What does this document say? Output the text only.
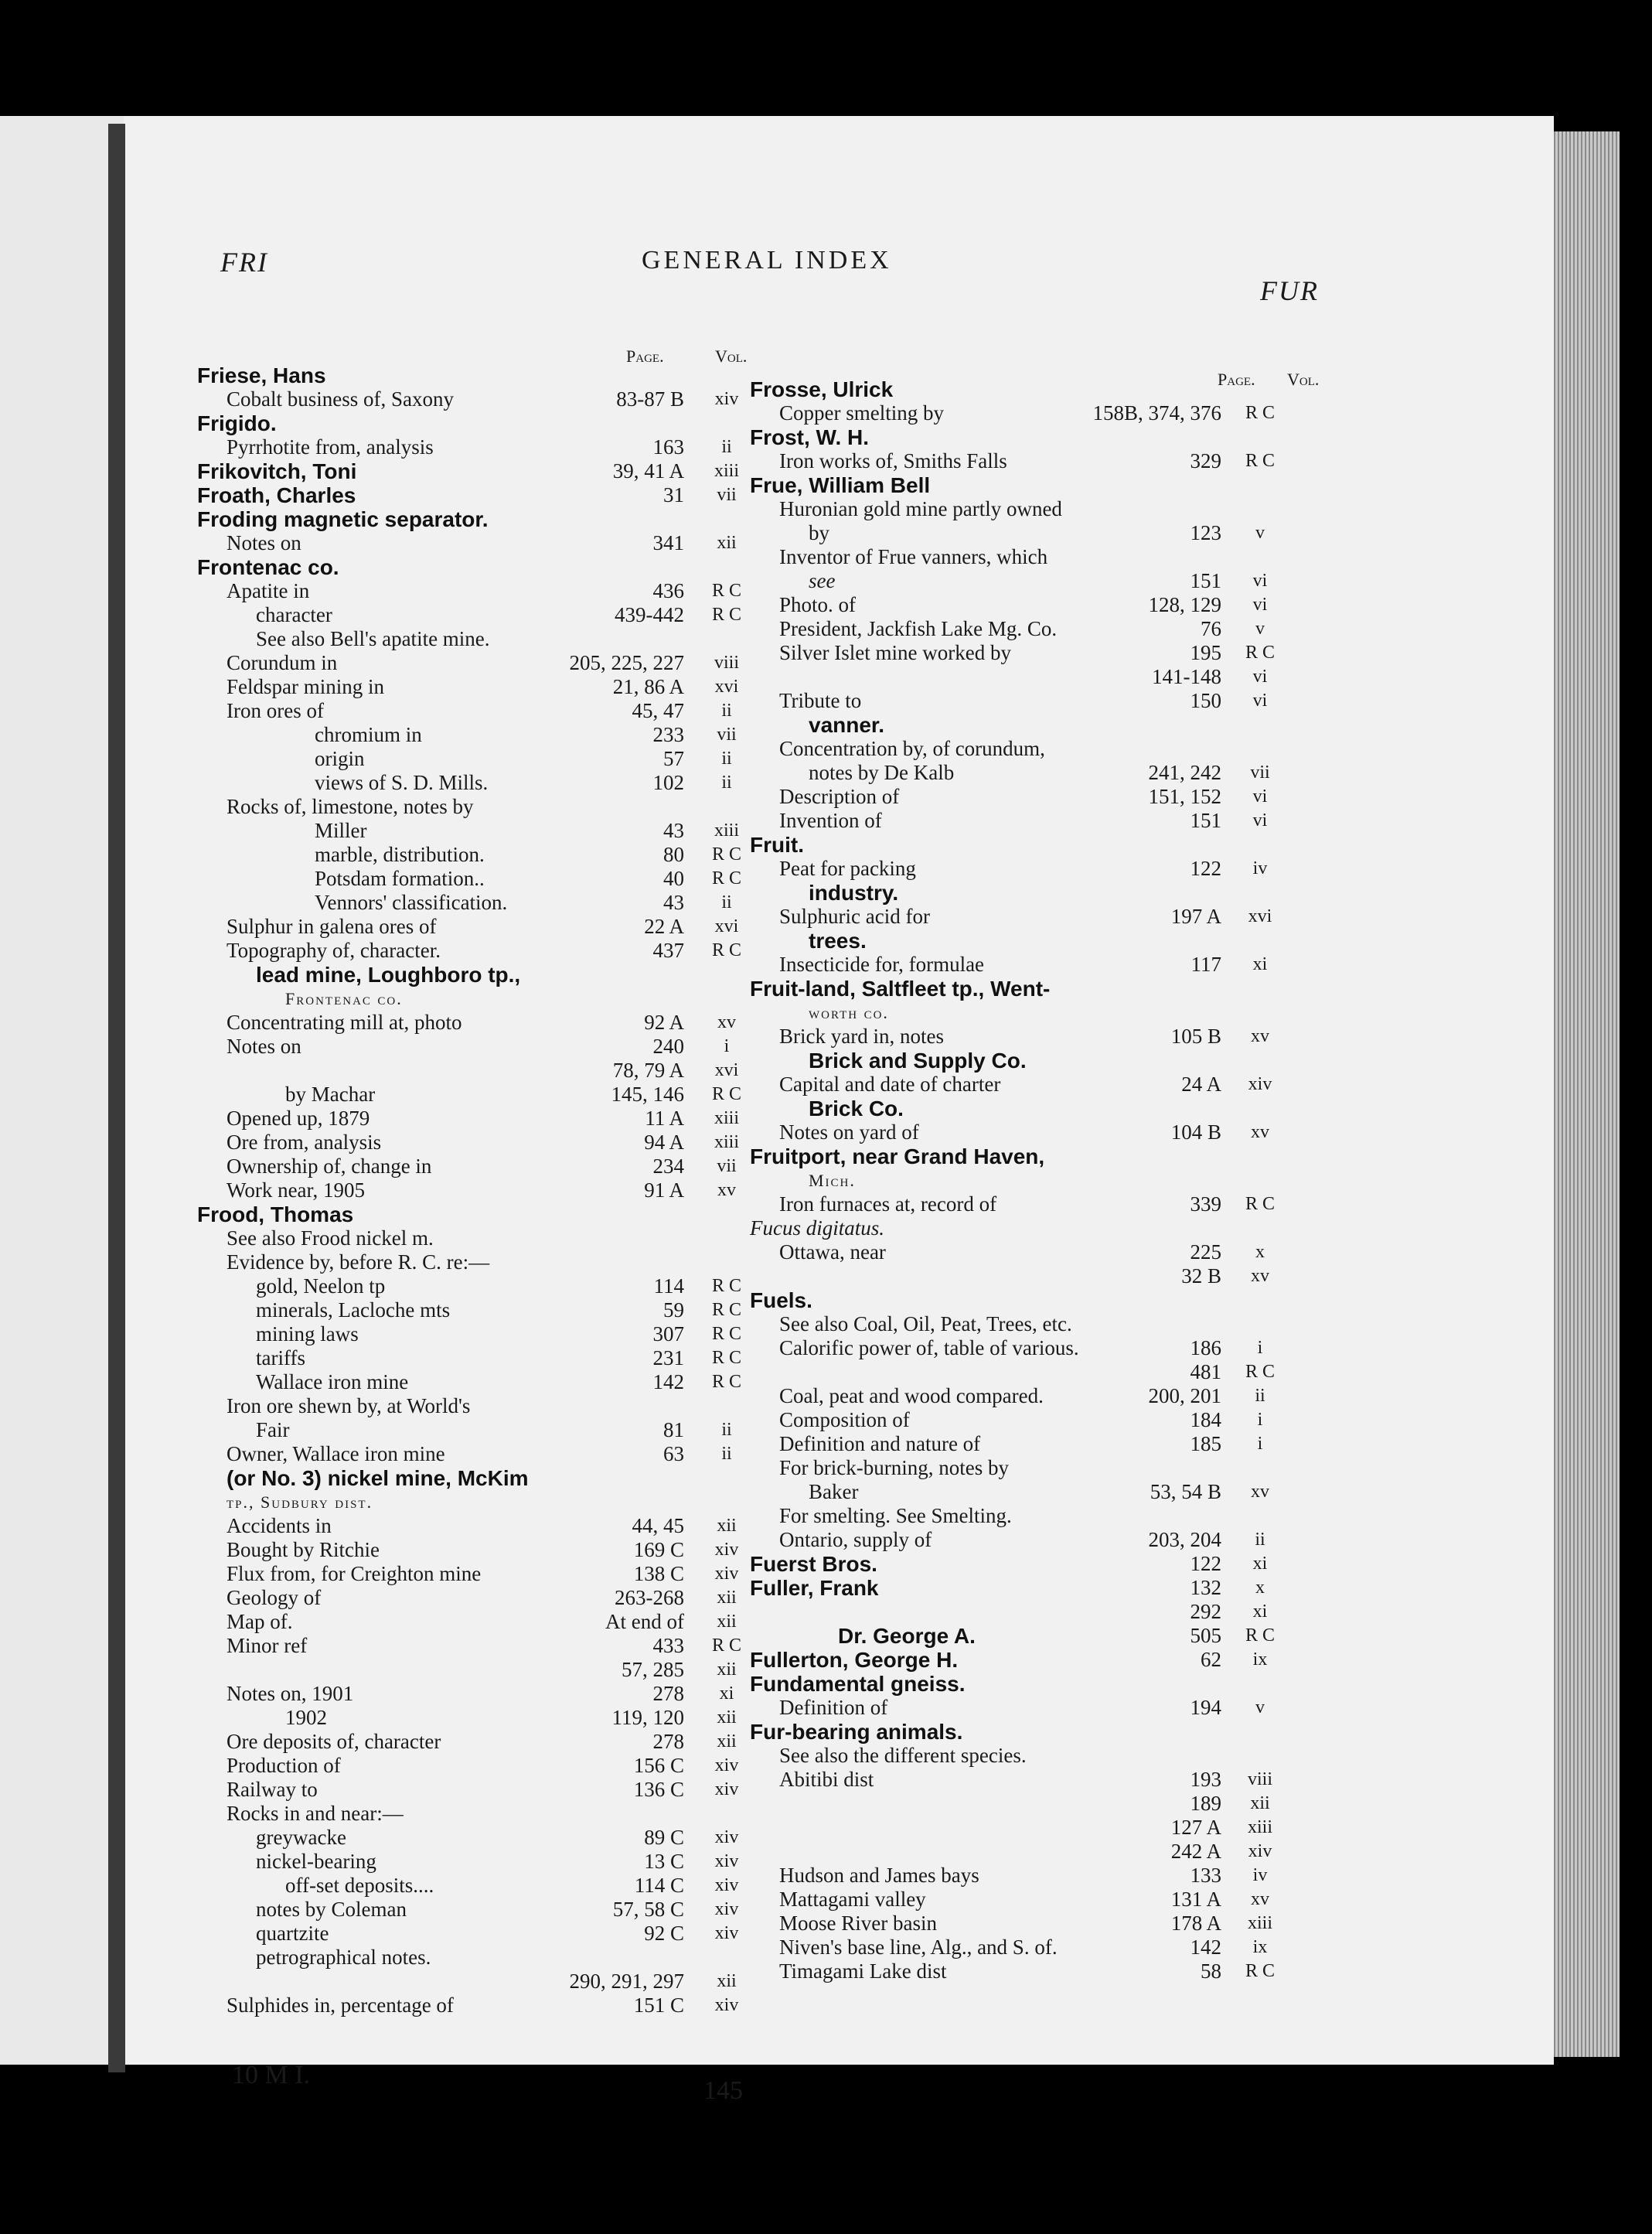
FRI	GENERAL INDEX
FUR
Page.	Vol.
Page. Vol.
Friese, Hans
Cobalt business of, Saxony	83-87 B	xiv
Frigido.
Pyrrhotite from, analysis	163	ii
Frikovitch, Toni	39, 41 A	xiii
Froath, Charles	31	vii
Froding magnetic separator.
Notes on	341	xii
Frontenac co.
Apatite in	436	R C
character	439-442	R C
See also Bell's apatite mine.
Corundum in	205, 225, 227	viii
Feldspar mining in	21, 86 A	xvi
Iron ores of	45, 47	ii
chromium in	233	vii
origin	57	ii
views of S. D. Mills.	102	ii
Rocks of, limestone, notes by
Miller	43	xiii
marble, distribution.	80	R C
Potsdam formation..	40	R C
Vennors' classification.	43	ii
Sulphur in galena ores of	22 A	xvi
Topography of, character.	437	R C
lead mine, Loughboro tp.,
Frontenac co.
Concentrating mill at, photo	92 A	xv
Notes on	240	i
78, 79 A	xvi
by Machar	145, 146	R C
Opened up, 1879	11 A	xiii
Ore from, analysis	94 A	xiii
Ownership of, change in	234	vii
Work near, 1905	91 A	xv
Frood, Thomas
See also Frood nickel m.
Evidence by, before R. C. re:—
gold, Neelon tp	114	R C
minerals, Lacloche mts	59	R C
mining laws	307	R C
tariffs	231	R C
Wallace iron mine	142	R C
Iron ore shewn by, at World's
Fair	81	ii
Owner, Wallace iron mine	63	ii
(or No. 3) nickel mine, McKim
tp., Sudbury dist.
Accidents in	44, 45	xii
Bought by Ritchie	169 C	xiv
Flux from, for Creighton mine	138 C	xiv
Geology of	263-268	xii
Map of.	At end of	xii
Minor ref	433	R C
57, 285	xii
Notes on, 1901	278	xi
1902	119, 120	xii
Ore deposits of, character	278	xii
Production of	156 C	xiv
Railway to	136 C	xiv
Rocks in and near:—
greywacke	89 C	xiv
nickel-bearing	13 C	xiv
off-set deposits....	114 C	xiv
notes by Coleman	57, 58 C	xiv
quartzite	92 C	xiv
petrographical notes.
290, 291, 297	xii
Sulphides in, percentage of	151 C	xiv
Frosse, Ulrick
Copper smelting by	158B, 374, 376	R C
Frost, W. H.
Iron works of, Smiths Falls	329	R C
Frue, William Bell
Huronian gold mine partly owned
by	123	v
Inventor of Frue vanners, which
see	151	vi
Photo. of	128, 129	vi
President, Jackfish Lake Mg. Co.	76	v
Silver Islet mine worked by	195	R C
141-148	vi
Tribute to	150	vi
vanner.
Concentration by, of corundum,
notes by De Kalb	241, 242	vii
Description of	151, 152	vi
Invention of	151	vi
Fruit.
Peat for packing	122	iv
industry.
Sulphuric acid for	197 A	xvi
trees.
Insecticide for, formulae	117	xi
Fruit-land, Saltfleet tp., Went-
worth co.
Brick yard in, notes	105 B	xv
Brick and Supply Co.
Capital and date of charter	24 A	xiv
Brick Co.
Notes on yard of	104 B	xv
Fruitport, near Grand Haven,
Mich.
Iron furnaces at, record of	339	R C
Fucus digitatus.
Ottawa, near	225	x
32 B	xv
Fuels.
See also Coal, Oil, Peat, Trees, etc.
Calorific power of, table of various.	186	i
481	R C
Coal, peat and wood compared.	200, 201	ii
Composition of	184	i
Definition and nature of	185	i
For brick-burning, notes by
Baker	53, 54 B	xv
For smelting. See Smelting.
Ontario, supply of	203, 204	ii
Fuerst Bros.	122	xi
Fuller, Frank	132	x
292	xi
Dr. George A.	505	R C
Fullerton, George H.	62	ix
Fundamental gneiss.
Definition of	194	v
Fur-bearing animals.
See also the different species.
Abitibi dist	193	viii
189	xii
127 A	xiii
242 A	xiv
Hudson and James bays	133	iv
Mattagami valley	131 A	xv
Moose River basin	178 A	xiii
Niven's base line, Alg., and S. of.	142	ix
Timagami Lake dist	58	R C
10 M I.
145
